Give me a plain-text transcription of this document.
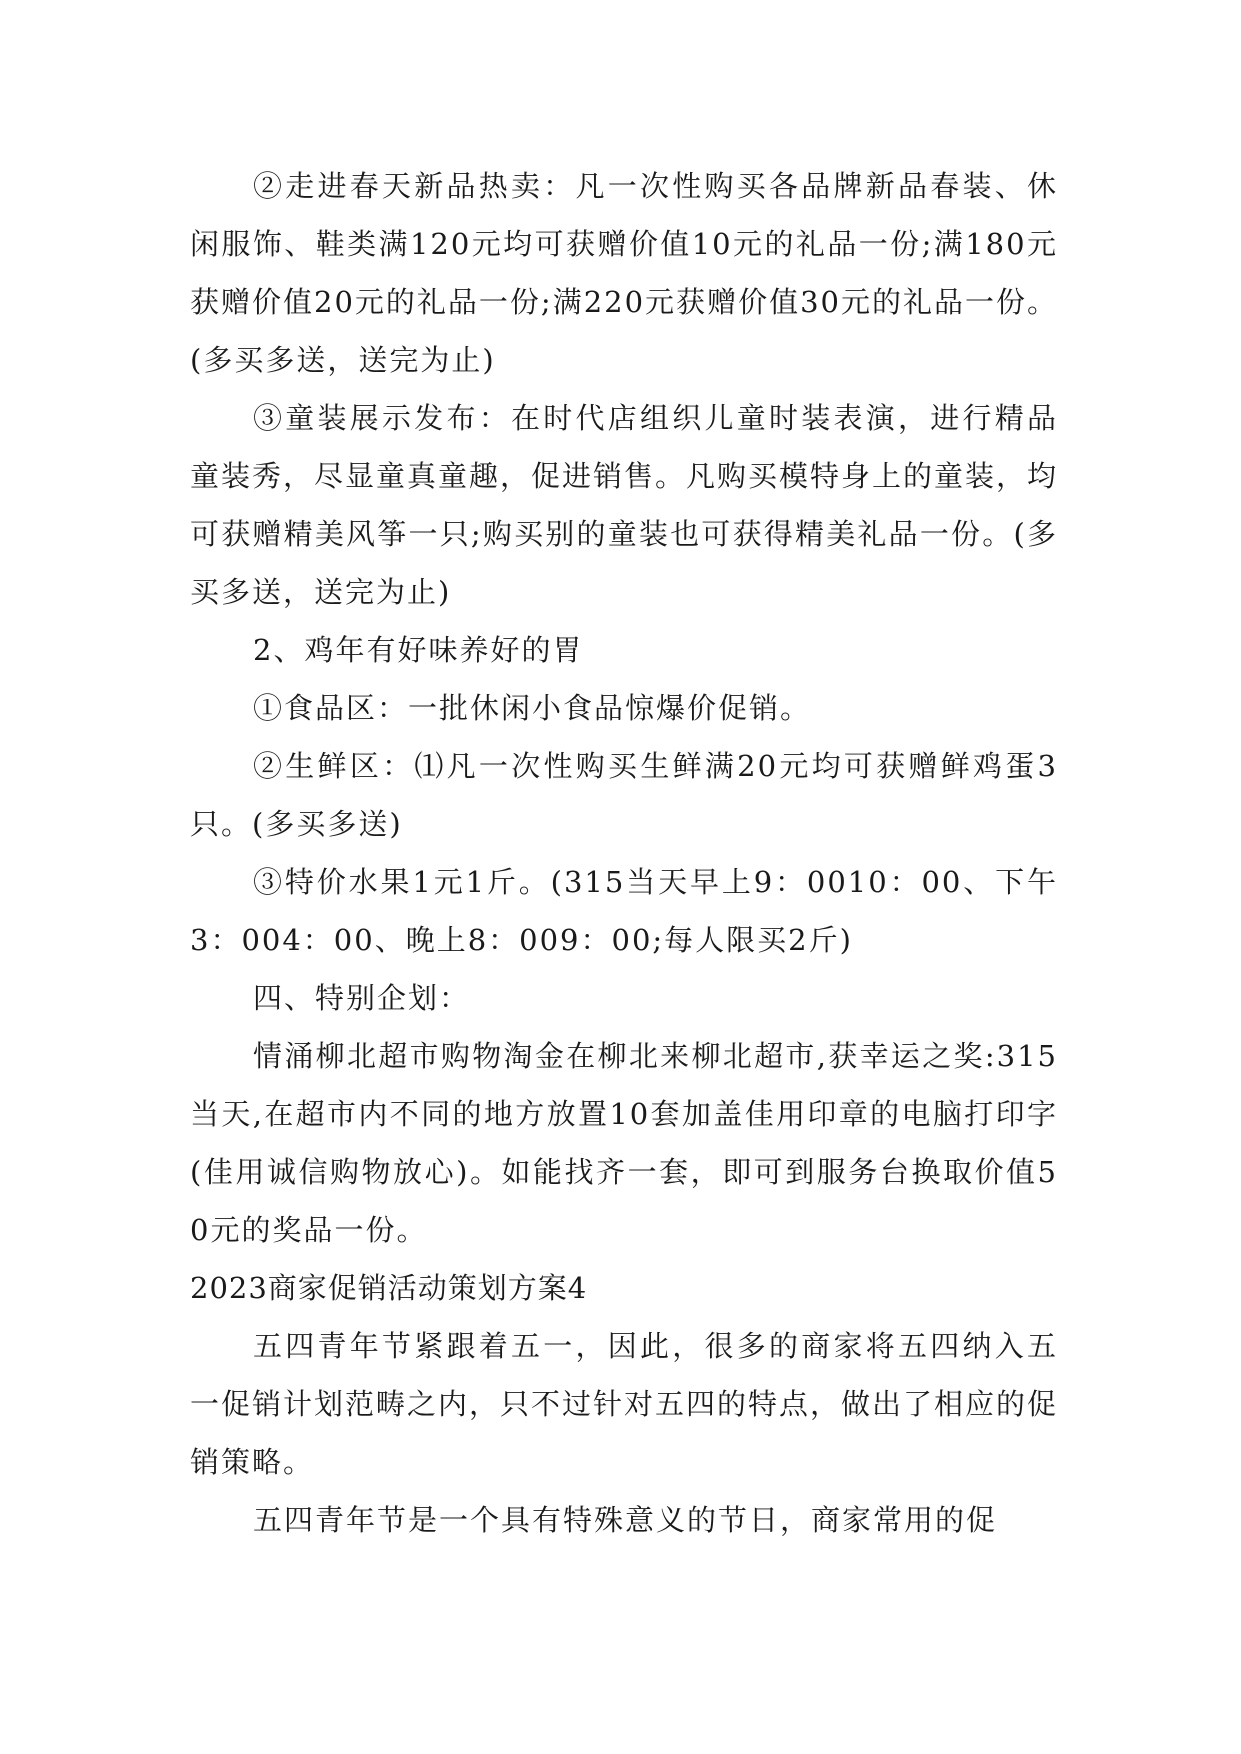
②走进春天新品热卖：凡一次性购买各品牌新品春装、休闲服饰、鞋类满120元均可获赠价值10元的礼品一份;满180元获赠价值20元的礼品一份;满220元获赠价值30元的礼品一份。(多买多送，送完为止)

③童装展示发布：在时代店组织儿童时装表演，进行精品童装秀，尽显童真童趣，促进销售。凡购买模特身上的童装，均可获赠精美风筝一只;购买别的童装也可获得精美礼品一份。(多买多送，送完为止)

2、鸡年有好味养好的胃

①食品区：一批休闲小食品惊爆价促销。

②生鲜区：⑴凡一次性购买生鲜满20元均可获赠鲜鸡蛋3只。(多买多送)

③特价水果1元1斤。(315当天早上9：0010：00、下午3：004：00、晚上8：009：00;每人限买2斤)

四、特别企划：

情涌柳北超市购物淘金在柳北来柳北超市,获幸运之奖:315当天,在超市内不同的地方放置10套加盖佳用印章的电脑打印字(佳用诚信购物放心)。如能找齐一套，即可到服务台换取价值50元的奖品一份。

2023商家促销活动策划方案4

五四青年节紧跟着五一，因此，很多的商家将五四纳入五一促销计划范畴之内，只不过针对五四的特点，做出了相应的促销策略。

五四青年节是一个具有特殊意义的节日，商家常用的促
